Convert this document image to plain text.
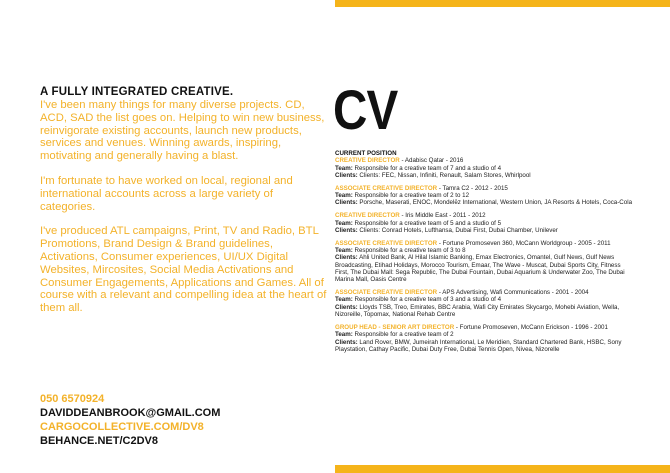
A FULLY INTEGRATED CREATIVE.

I've been many things for many diverse projects. CD, ACD, SAD the list goes on. Helping to win new business, reinvigorate existing accounts, launch new products, services and venues. Winning awards, inspiring, motivating and generally having a blast.

I'm fortunate to have worked on local, regional and international accounts across a large variety of categories.

I've produced ATL campaigns, Print, TV and Radio, BTL Promotions, Brand Design & Brand guidelines, Activations, Consumer experiences, UI/UX Digital Websites, Mircosites, Social Media Activations and Consumer Engagements, Applications and Games. All of course with a relevant and compelling idea at the heart of them all.

050 6570924
DAVIDDEANBROOK@GMAIL.COM
CARGOCOLLECTIVE.COM/DV8
BEHANCE.NET/C2DV8
CV
CURRENT POSITION
CREATIVE DIRECTOR - Adabisc Qatar - 2016
Team: Responsible for a creative team of 7 and a studio of 4
Clients: Clients: FEC, Nissan, Infiniti, Renault, Salam Stores, Whirlpool
ASSOCIATE CREATIVE DIRECTOR - Tamra C2 - 2012 - 2015
Team: Responsible for a creative team of 2 to 12
Clients: Porsche, Maserati, ENOC, Mondelēz International, Western Union, JA Resorts & Hotels, Coca-Cola
CREATIVE DIRECTOR - Iris Middle East - 2011 - 2012
Team: Responsible for a creative team of 5 and a studio of 5
Clients: Clients: Conrad Hotels, Lufthansa, Dubai First, Dubai Chamber, Unilever
ASSOCIATE CREATIVE DIRECTOR - Fortune Promoseven 360, McCann Worldgroup - 2005 - 2011
Team: Responsible for a creative team of 3 to 8
Clients: Ahli United Bank, Al Hilal Islamic Banking, Emax Electronics, Omantel, Gulf News, Gulf News Broadcasting, Etihad Holidays, Morocco Tourism, Emaar, The Wave - Muscat, Dubai Sports City, Fitness First, The Dubai Mall: Sega Republic, The Dubai Fountain, Dubai Aquarium & Underwater Zoo, The Dubai Marina Mall, Oasis Centre
ASSOCIATE CREATIVE DIRECTOR - APS Advertising, Wafi Communications - 2001 - 2004
Team: Responsible for a creative team of 3 and a studio of 4
Clients: Lloyds TSB, Treo, Emirates, BBC Arabia, Wafi City Emirates Skycargo, Mohebi Aviation, Wella, Nizoreille, Topomax, National Rehab Centre
GROUP HEAD - SENIOR ART DIRECTOR - Fortune Promoseven, McCann Erickson - 1996 - 2001
Team: Responsible for a creative team of 2
Clients: Land Rover, BMW, Jumeirah International, Le Meridien, Standard Chartered Bank, HSBC, Sony Playstation, Cathay Pacific, Dubai Duty Free, Dubai Tennis Open, Nivea, Nizorelle
